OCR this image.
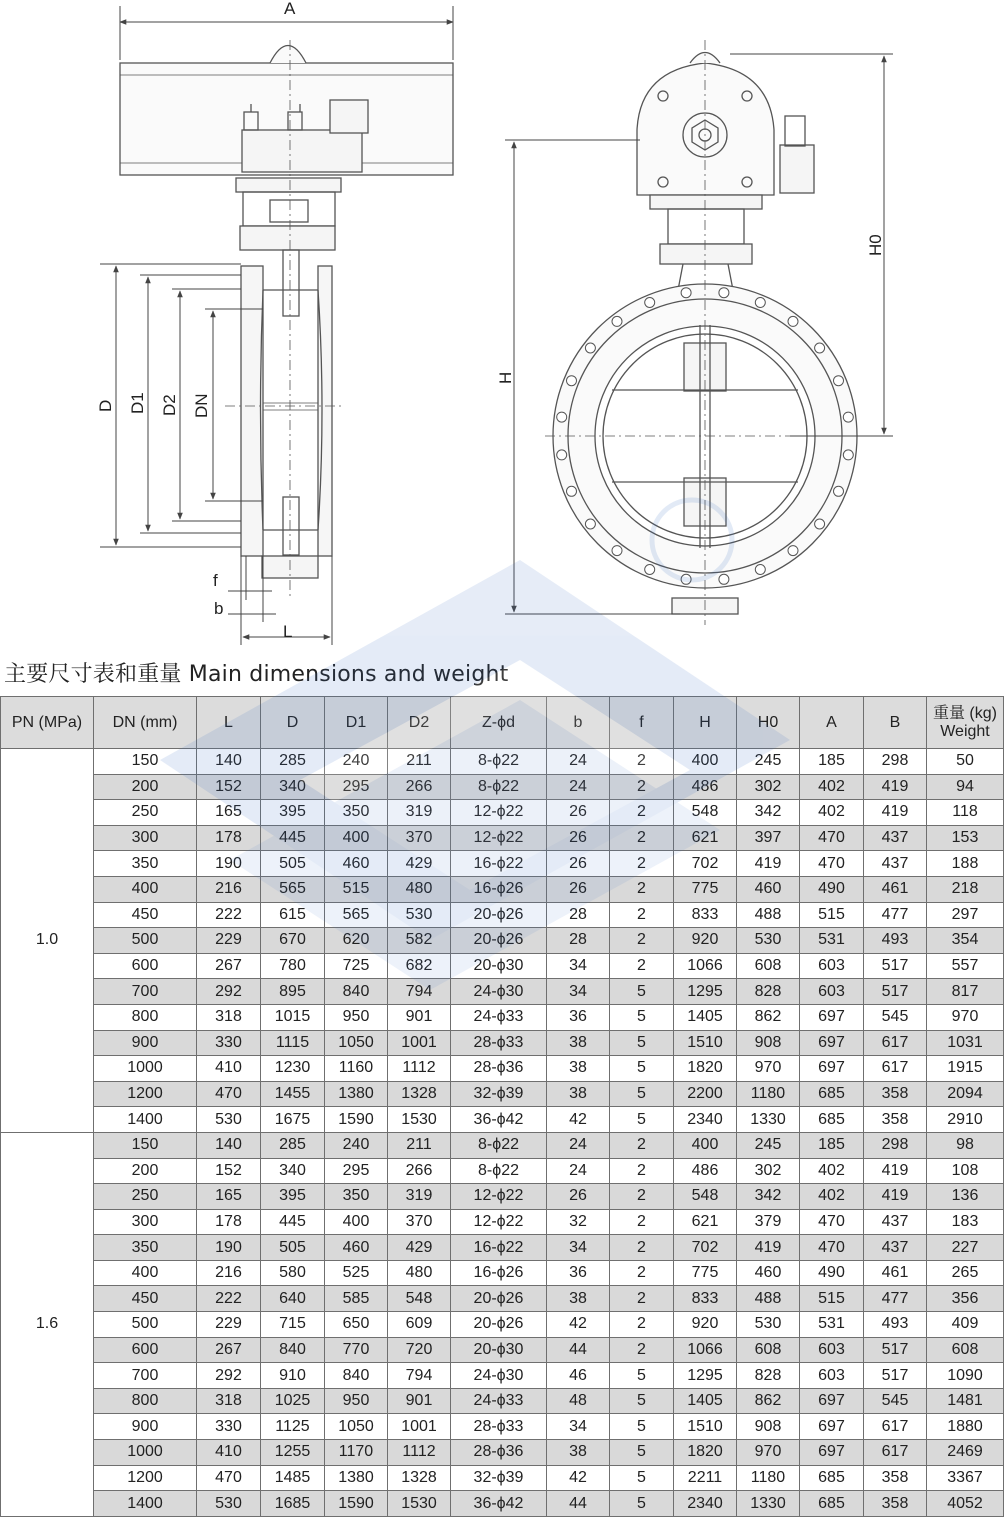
A
D D1 D2 DN
f
b
L
H
H0
主要尺寸表和重量 Main dimensions and weight
PN (MPa)	DN (mm)	L	D	D1	D2	Z-ϕd	b	f	H	H0	A	B	重量 (kg)
Weight

1.0	150	140	285	240	211	8-ϕ22	24	2	400	245	185	298	50
	200	152	340	295	266	8-ϕ22	24	2	486	302	402	419	94
	250	165	395	350	319	12-ϕ22	26	2	548	342	402	419	118
	300	178	445	400	370	12-ϕ22	26	2	621	397	470	437	153
	350	190	505	460	429	16-ϕ22	26	2	702	419	470	437	188
	400	216	565	515	480	16-ϕ26	26	2	775	460	490	461	218
	450	222	615	565	530	20-ϕ26	28	2	833	488	515	477	297
	500	229	670	620	582	20-ϕ26	28	2	920	530	531	493	354
	600	267	780	725	682	20-ϕ30	34	2	1066	608	603	517	557
	700	292	895	840	794	24-ϕ30	34	5	1295	828	603	517	817
	800	318	1015	950	901	24-ϕ33	36	5	1405	862	697	545	970
	900	330	1115	1050	1001	28-ϕ33	38	5	1510	908	697	617	1031
	1000	410	1230	1160	1112	28-ϕ36	38	5	1820	970	697	617	1915
	1200	470	1455	1380	1328	32-ϕ39	38	5	2200	1180	685	358	2094
	1400	530	1675	1590	1530	36-ϕ42	42	5	2340	1330	685	358	2910
1.6	150	140	285	240	211	8-ϕ22	24	2	400	245	185	298	98
	200	152	340	295	266	8-ϕ22	24	2	486	302	402	419	108
	250	165	395	350	319	12-ϕ22	26	2	548	342	402	419	136
	300	178	445	400	370	12-ϕ22	32	2	621	379	470	437	183
	350	190	505	460	429	16-ϕ22	34	2	702	419	470	437	227
	400	216	580	525	480	16-ϕ26	36	2	775	460	490	461	265
	450	222	640	585	548	20-ϕ26	38	2	833	488	515	477	356
	500	229	715	650	609	20-ϕ26	42	2	920	530	531	493	409
	600	267	840	770	720	20-ϕ30	44	2	1066	608	603	517	608
	700	292	910	840	794	24-ϕ30	46	5	1295	828	603	517	1090
	800	318	1025	950	901	24-ϕ33	48	5	1405	862	697	545	1481
	900	330	1125	1050	1001	28-ϕ33	34	5	1510	908	697	617	1880
	1000	410	1255	1170	1112	28-ϕ36	38	5	1820	970	697	617	2469
	1200	470	1485	1380	1328	32-ϕ39	42	5	2211	1180	685	358	3367
	1400	530	1685	1590	1530	36-ϕ42	44	5	2340	1330	685	358	4052
